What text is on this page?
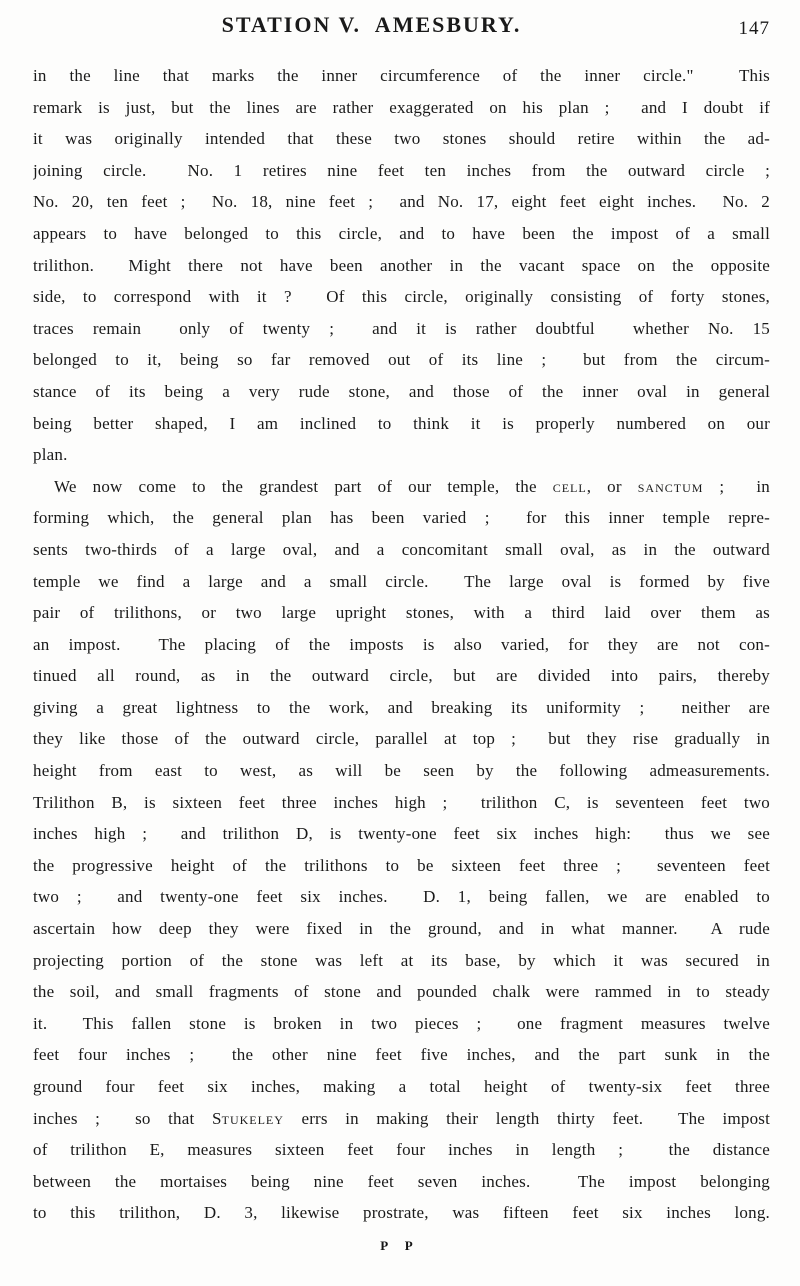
STATION V.  AMESBURY.	147
in the line that marks the inner circumference of the inner circle."  This
remark is just, but the lines are rather exaggerated on his plan ;  and I doubt if
it was originally intended that these two stones should retire within the ad-
joining circle.  No. 1 retires nine feet ten inches from the outward circle ;
No. 20, ten feet ;  No. 18, nine feet ;  and No. 17, eight feet eight inches.  No. 2
appears to have belonged to this circle, and to have been the impost of a small
trilithon.  Might there not have been another in the vacant space on the opposite
side, to correspond with it ?  Of this circle, originally consisting of forty stones,
traces remain  only of twenty ;  and it is rather doubtful  whether No. 15
belonged to it, being so far removed out of its line ;  but from the circum-
stance of its being a very rude stone, and those of the inner oval in general
being better shaped, I am inclined to think it is properly numbered on our
plan.
We now come to the grandest part of our temple, the cell, or sanctum ;  in
forming which, the general plan has been varied ;  for this inner temple repre-
sents two-thirds of a large oval, and a concomitant small oval, as in the outward
temple we find a large and a small circle.  The large oval is formed by five
pair of trilithons, or two large upright stones, with a third laid over them as
an impost.  The placing of the imposts is also varied, for they are not con-
tinued all round, as in the outward circle, but are divided into pairs, thereby
giving a great lightness to the work, and breaking its uniformity ;  neither are
they like those of the outward circle, parallel at top ;  but they rise gradually in
height from east to west, as will be seen by the following admeasurements.
Trilithon B, is sixteen feet three inches high ;  trilithon C, is seventeen feet two
inches high ;  and trilithon D, is twenty-one feet six inches high:  thus we see
the progressive height of the trilithons to be sixteen feet three ;  seventeen feet
two ;  and twenty-one feet six inches.  D. 1, being fallen, we are enabled to
ascertain how deep they were fixed in the ground, and in what manner.  A rude
projecting portion of the stone was left at its base, by which it was secured in
the soil, and small fragments of stone and pounded chalk were rammed in to steady
it.  This fallen stone is broken in two pieces ;  one fragment measures twelve
feet four inches ;  the other nine feet five inches, and the part sunk in the
ground four feet six inches, making a total height of twenty-six feet three
inches ;  so that Stukeley errs in making their length thirty feet.  The impost
of trilithon E, measures sixteen feet four inches in length ;  the distance
between the mortaises being nine feet seven inches.  The impost belonging
to this trilithon, D. 3, likewise prostrate, was fifteen feet six inches long.
P P
